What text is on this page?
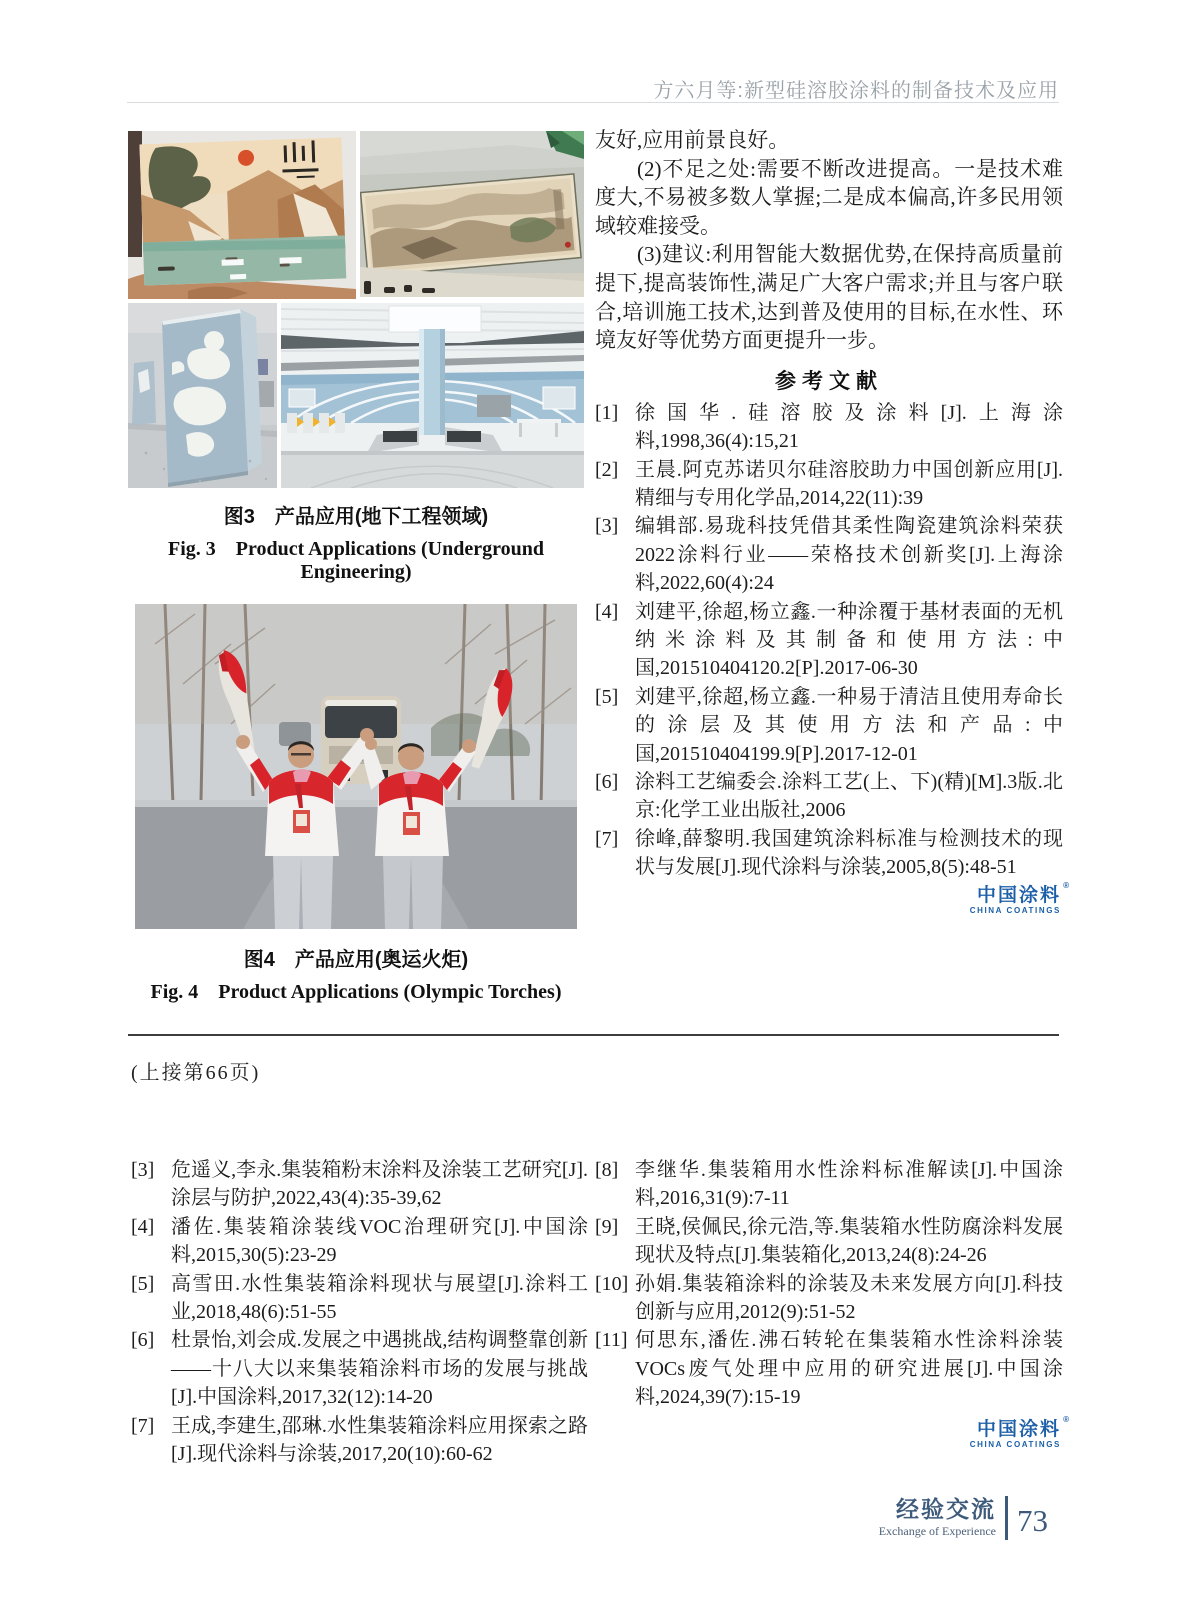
方六月等:新型硅溶胶涂料的制备技术及应用
图3　产品应用(地下工程领域)
Fig. 3　Product Applications (Underground Engineering)
图4　产品应用(奥运火炬)
Fig. 4　Product Applications (Olympic Torches)

友好,应用前景良好。

(2)不足之处:需要不断改进提高。一是技术难度大,不易被多数人掌握;二是成本偏高,许多民用领域较难接受。

(3)建议:利用智能大数据优势,在保持高质量前提下,提高装饰性,满足广大客户需求;并且与客户联合,培训施工技术,达到普及使用的目标,在水性、环境友好等优势方面更提升一步。

参考文献
[1] 徐国华.硅溶胶及涂料[J].上海涂料,1998,36(4):15,21
[2] 王晨.阿克苏诺贝尔硅溶胶助力中国创新应用[J].精细与专用化学品,2014,22(11):39
[3] 编辑部.易珑科技凭借其柔性陶瓷建筑涂料荣获2022涂料行业——荣格技术创新奖[J].上海涂料,2022,60(4):24
[4] 刘建平,徐超,杨立鑫.一种涂覆于基材表面的无机纳米涂料及其制备和使用方法:中国,201510404120.2[P].2017-06-30
[5] 刘建平,徐超,杨立鑫.一种易于清洁且使用寿命长的涂层及其使用方法和产品:中国,201510404199.9[P].2017-12-01
[6] 涂料工艺编委会.涂料工艺(上、下)(精)[M].3版.北京:化学工业出版社,2006
[7] 徐峰,薛黎明.我国建筑涂料标准与检测技术的现状与发展[J].现代涂料与涂装,2005,8(5):48-51
中国涂料 ®
CHINA COATINGS
(上接第66页)
[3] 危遥义,李永.集装箱粉末涂料及涂装工艺研究[J].涂层与防护,2022,43(4):35-39,62
[4] 潘佐.集装箱涂装线VOC治理研究[J].中国涂料,2015,30(5):23-29
[5] 高雪田.水性集装箱涂料现状与展望[J].涂料工业,2018,48(6):51-55
[6] 杜景怡,刘会成.发展之中遇挑战,结构调整靠创新——十八大以来集装箱涂料市场的发展与挑战[J].中国涂料,2017,32(12):14-20
[7] 王成,李建生,邵琳.水性集装箱涂料应用探索之路[J].现代涂料与涂装,2017,20(10):60-62
[8] 李继华.集装箱用水性涂料标准解读[J].中国涂料,2016,31(9):7-11
[9] 王晓,侯佩民,徐元浩,等.集装箱水性防腐涂料发展现状及特点[J].集装箱化,2013,24(8):24-26
[10] 孙娟.集装箱涂料的涂装及未来发展方向[J].科技创新与应用,2012(9):51-52
[11] 何思东,潘佐.沸石转轮在集装箱水性涂料涂装VOCs废气处理中应用的研究进展[J].中国涂料,2024,39(7):15-19
中国涂料 ®
CHINA COATINGS
经验交流
Exchange of Experience 73
